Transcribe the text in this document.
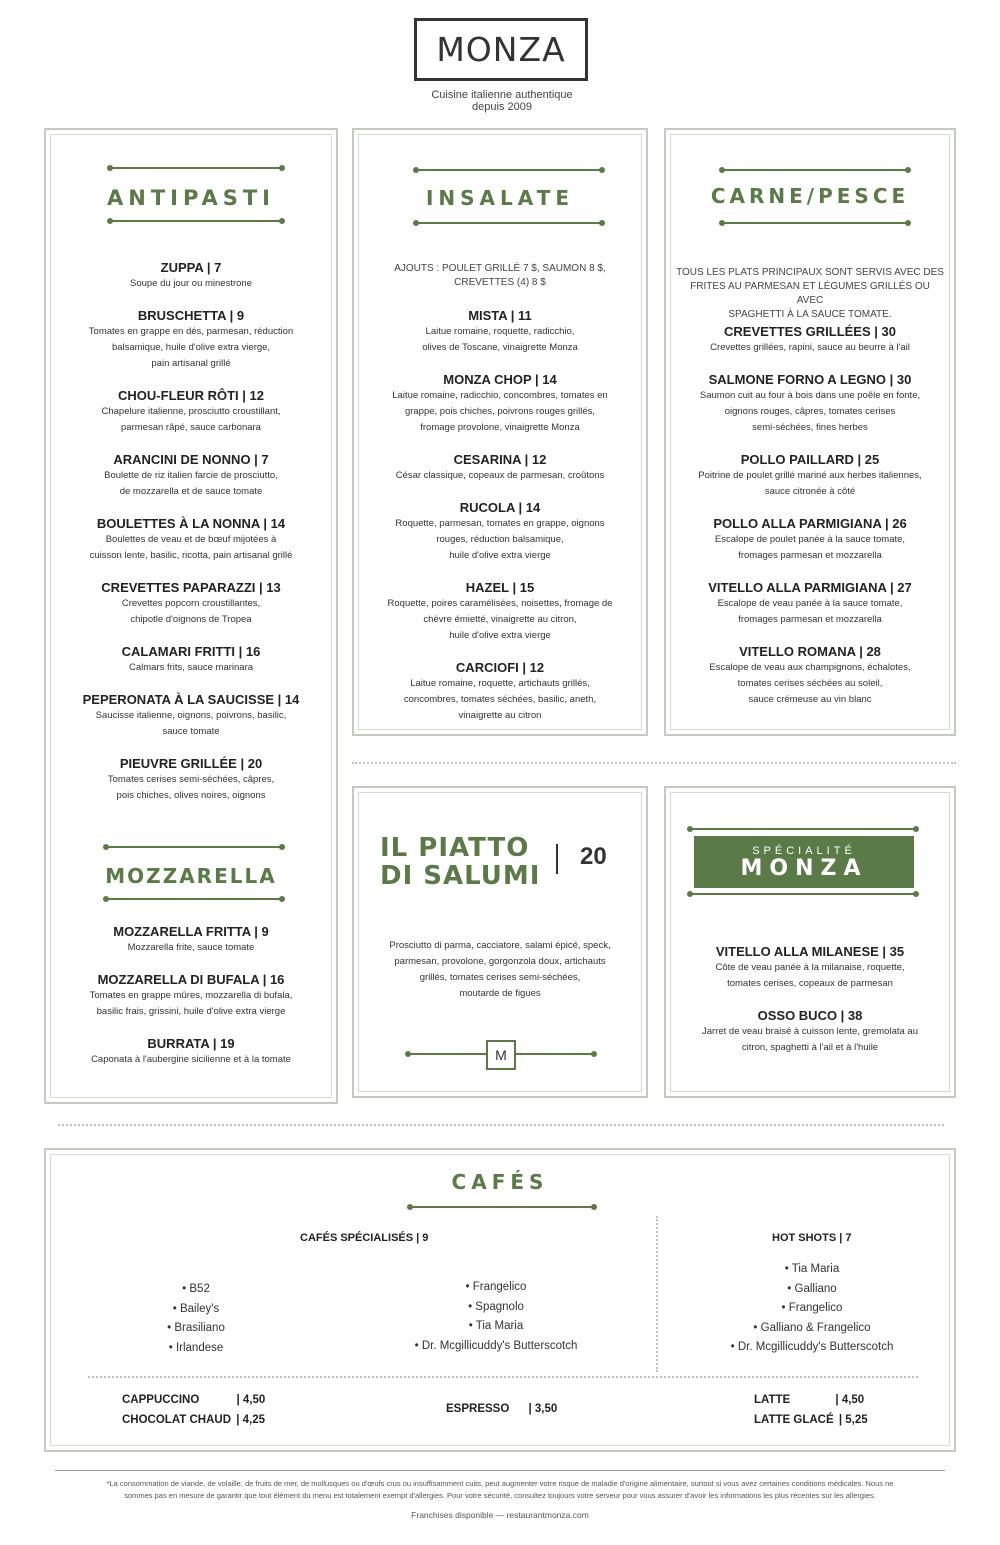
MONZA
Cuisine italienne authentique
depuis 2009
ANTIPASTI
ZUPPA | 7
Soupe du jour ou minestrone
BRUSCHETTA | 9
Tomates en grappe en dés, parmesan, réduction
balsamique, huile d'olive extra vierge,
pain artisanal grillé
CHOU-FLEUR RÔTI | 12
Chapelure italienne, prosciutto croustillant,
parmesan râpé, sauce carbonara
ARANCINI DE NONNO | 7
Boulette de riz italien farcie de prosciutto,
de mozzarella et de sauce tomate
BOULETTES À LA NONNA | 14
Boulettes de veau et de bœuf mijotées à
cuisson lente, basilic, ricotta, pain artisanal grillé
CREVETTES PAPARAZZI | 13
Crevettes popcorn croustillantes,
chipotle d'oignons de Tropea
CALAMARI FRITTI | 16
Calmars frits, sauce marinara
PEPERONATA À LA SAUCISSE | 14
Saucisse italienne, oignons, poivrons, basilic,
sauce tomate
PIEUVRE GRILLÉE | 20
Tomates cerises semi-séchées, câpres,
pois chiches, olives noires, oignons
MOZZARELLA
MOZZARELLA FRITTA | 9
Mozzarella frite, sauce tomate
MOZZARELLA DI BUFALA | 16
Tomates en grappe mûres, mozzarella di bufala,
basilic frais, grissini, huile d'olive extra vierge
BURRATA | 19
Caponata à l'aubergine sicilienne et à la tomate
INSALATE
AJOUTS : POULET GRILLÉ 7 $, SAUMON 8 $,
CREVETTES (4) 8 $
MISTA | 11
Laitue romaine, roquette, radicchio,
olives de Toscane, vinaigrette Monza
MONZA CHOP | 14
Laitue romaine, radicchio, concombres, tomates en
grappe, pois chiches, poivrons rouges grillés,
fromage provolone, vinaigrette Monza
CESARINA | 12
César classique, copeaux de parmesan, croûtons
RUCOLA | 14
Roquette, parmesan, tomates en grappe, oignons
rouges, réduction balsamique,
huile d'olive extra vierge
HAZEL | 15
Roquette, poires caramélisées, noisettes, fromage de
chèvre émietté, vinaigrette au citron,
huile d'olive extra vierge
CARCIOFI | 12
Laitue romaine, roquette, artichauts grillés,
concombres, tomates séchées, basilic, aneth,
vinaigrette au citron
CARNE/PESCE
TOUS LES PLATS PRINCIPAUX SONT SERVIS AVEC DES
FRITES AU PARMESAN ET LÉGUMES GRILLÉS OU AVEC
SPAGHETTI À LA SAUCE TOMATE.
CREVETTES GRILLÉES | 30
Crevettes grillées, rapini, sauce au beurre à l'ail
SALMONE FORNO A LEGNO | 30
Saumon cuit au four à bois dans une poêle en fonte,
oignons rouges, câpres, tomates cerises
semi-séchées, fines herbes
POLLO PAILLARD | 25
Poitrine de poulet grillé mariné aux herbes italiennes,
sauce citronée à côté
POLLO ALLA PARMIGIANA | 26
Escalope de poulet panée à la sauce tomate,
fromages parmesan et mozzarella
VITELLO ALLA PARMIGIANA | 27
Escalope de veau panée à la sauce tomate,
fromages parmesan et mozzarella
VITELLO ROMANA | 28
Escalope de veau aux champignons, échalotes,
tomates cerises séchées au soleil,
sauce crémeuse au vin blanc
IL PIATTO
DI SALUMI
20
Prosciutto di parma, cacciatore, salami épicé, speck,
parmesan, provolone, gorgonzola doux, artichauts
grillés, tomates cerises semi-séchées,
moutarde de figues
M
SPÉCIALITÉ
MONZA
VITELLO ALLA MILANESE | 35
Côte de veau panée à la milanaise, roquette,
tomates cerises, copeaux de parmesan
OSSO BUCO | 38
Jarret de veau braisé à cuisson lente, gremolata au
citron, spaghetti à l'ail et à l'huile
CAFÉS
CAFÉS SPÉCIALISÉS | 9
• B52
• Bailey's
• Brasiliano
• Irlandese
• Frangelico
• Spagnolo
• Tia Maria
• Dr. Mcgillicuddy's Butterscotch
HOT SHOTS | 7
• Tia Maria
• Galliano
• Frangelico
• Galliano & Frangelico
• Dr. Mcgillicuddy's Butterscotch
CAPPUCCINO	| 4,50
CHOCOLAT CHAUD | 4,25
ESPRESSO | 3,50
LATTE	| 4,50
LATTE GLACÉ | 5,25
*La consommation de viande, de volaille, de fruits de mer, de mollusques ou d'œufs crus ou insuffisamment cuits, peut augmenter votre risque de maladie d'origine alimentaire, surtout si vous avez certaines conditions médicales. Nous ne
sommes pas en mesure de garantir que tout élément du menu est totalement exempt d'allergies. Pour votre sécurité, consultez toujours votre serveur pour vous assurer d'avoir les informations les plus récentes sur les allergies.
Franchises disponible — restaurantmonza.com
